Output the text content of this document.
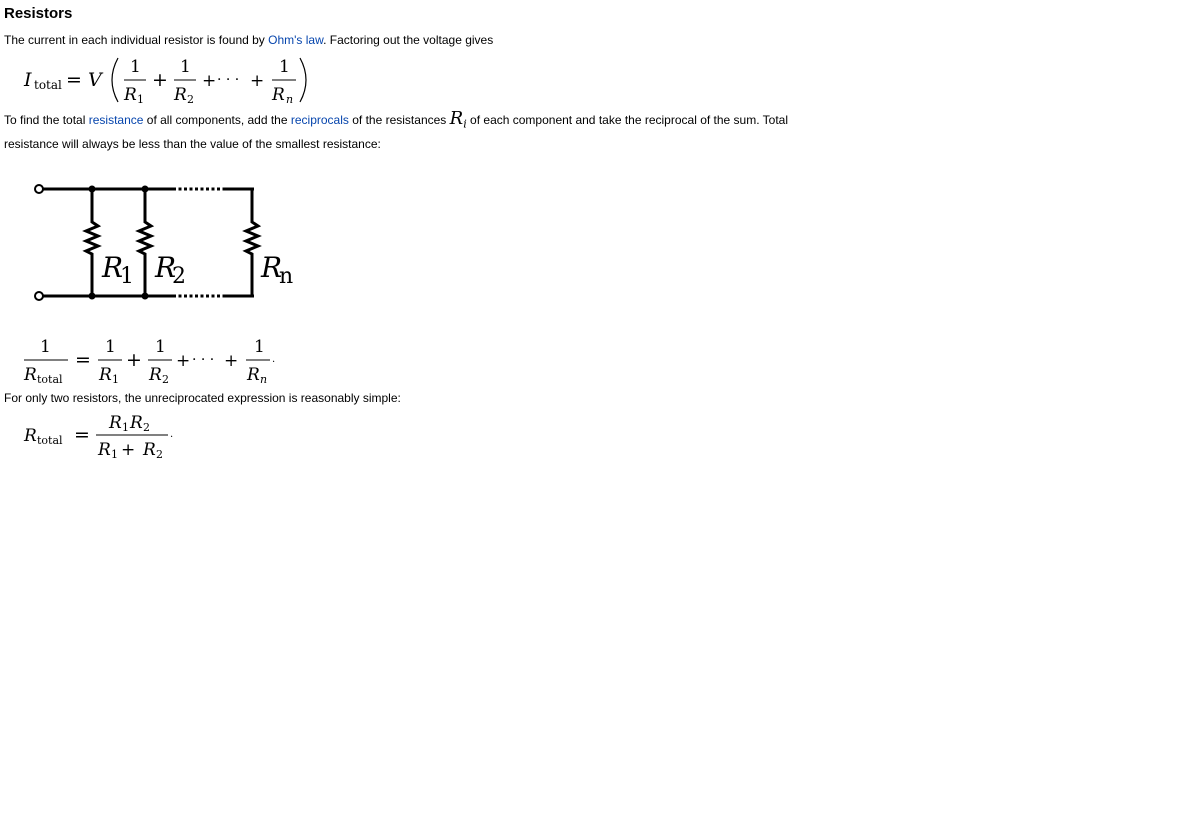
Resistors

The current in each individual resistor is found by Ohm's law. Factoring out the voltage gives

I total = V
1
R 1
+
1
R 2
+ · · · +
1
R n

To find the total resistance of all components, add the reciprocals of the resistances $R_i$ of each component and take the reciprocal of the sum. Total resistance will always be less than the value of the smallest resistance:

R
1 R
2	R
n
1
R total
=
1
R 1
+
1
R 2
+ · · · +
1
R n
.

For only two resistors, the unreciprocated expression is reasonably simple:

R total =
R 1 R 2
R 1 + R 2
.
